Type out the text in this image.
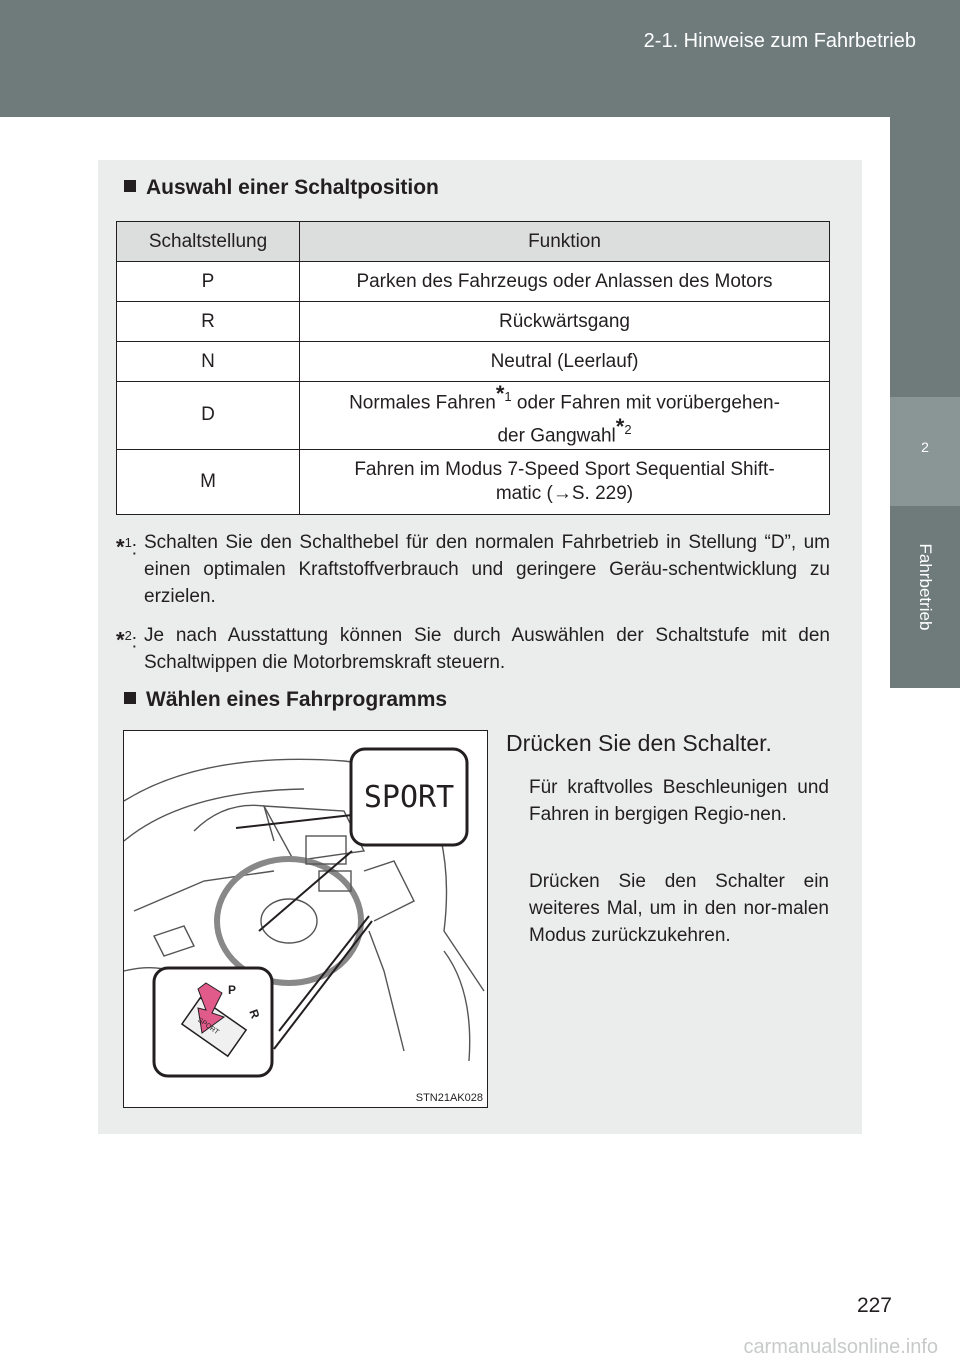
2-1. Hinweise zum Fahrbetrieb
2
Fahrbetrieb
Auswahl einer Schaltposition
Schaltstellung	Funktion
P	Parken des Fahrzeugs oder Anlassen des Motors
R	Rückwärtsgang
N	Neutral (Leerlauf)
D	Normales Fahren$^{*1}$ oder Fahren mit vorübergehen-
der Gangwahl$^{*2}$
M	Fahren im Modus 7-Speed Sport Sequential Shift-
matic (→S. 229)
*$^1$: Schalten Sie den Schalthebel für den normalen Fahrbetrieb in Stellung “D”, um einen optimalen Kraftstoffverbrauch und geringere Geräu-schentwicklung zu erzielen.
*$^2$: Je nach Ausstattung können Sie durch Auswählen der Schaltstufe mit den Schaltwippen die Motorbremskraft steuern.
Wählen eines Fahrprogramms
SPORT
SPORT
P
R
STN21AK028
Drücken Sie den Schalter.
Für kraftvolles Beschleunigen und Fahren in bergigen Regio-nen.
Drücken Sie den Schalter ein weiteres Mal, um in den nor-malen Modus zurückzukehren.
227
carmanualsonline.info
